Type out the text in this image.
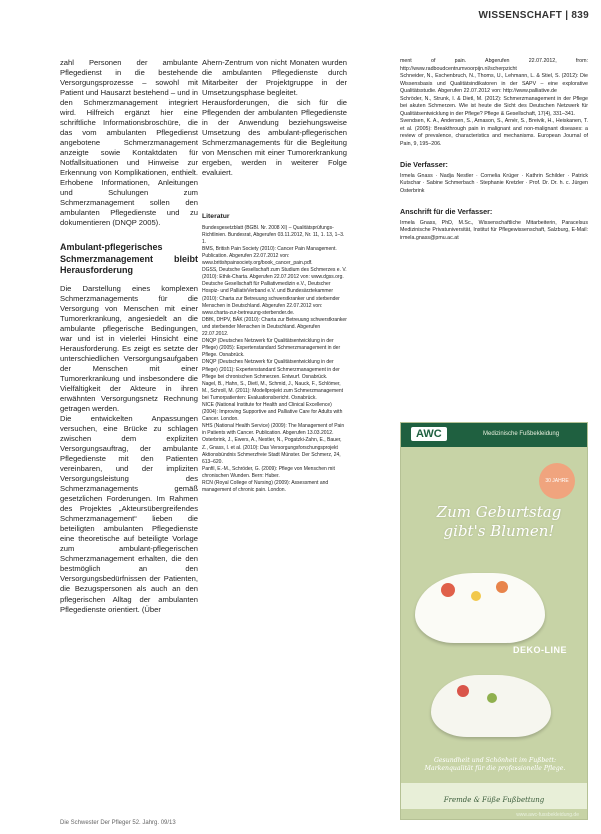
WISSENSCHAFT | 839

zahl Personen der ambulante Pflegedienst in die bestehende Versorgungsprozesse – sowohl mit Patient und Hausarzt bestehend – und in den Schmerzmanagement integriert wird. Hilfreich ergänzt hier eine schriftliche Informationsbroschüre, die das vom ambulanten Pflegedienst angebotene Schmerzmanagement anzeigte sowie Kontaktdaten für Notfallsituationen und Hinweise zur Erkennung von Komplikationen, enthielt. Erhobene Informationen, Anleitungen und Schulungen zum Schmerzmanagement sollen den ambulanten Pflegedienste und zu dokumentieren (DNQP 2005).

Ambulant-pflegerisches Schmerzmanagement bleibt Herausforderung

Die Darstellung eines komplexen Schmerzmanagements für die Versorgung von Menschen mit einer Tumorerkrankung, angesiedelt an die ambulante pflegerische Bedingungen, war und ist in vielerlei Hinsicht eine Herausforderung. Es zeigt es setzte der unterschiedlichen Versorgungsaufgaben der Menschen mit einer Tumorerkrankung und insbesondere die Vielfältigkeit der Akteure in ihren erwähnten Versorgungsnetz Rechnung getragen werden.

Die entwickelten Anpassungen versuchen, eine Brücke zu schlagen zwischen dem expliziten Versorgungsauftrag, der ambulante Pflegedienste mit den Patienten vereinbaren, und der impliziten Versorgungsleistung des Schmerzmanagements gemäß gesetzlichen Forderungen. Im Rahmen des Projektes „Akteursübergreifendes Schmerzmanagement“ lieben die beteiligten ambulanten Pflegedienste eine theoretische auf beteiligte Vorlage zum ambulant-pflegerischen Schmerzmanagement erhalten, die den bestmöglich an den Versorgungsbedürfnissen der Patienten, die Bezugspersonen als auch an den pflegerischen Alltag der ambulanten Pflegedienste orientiert. (Über

Ahern-Zentrum von nicht Monaten wurden die ambulanten Pflegedienste durch Mitarbeiter der Projektgruppe in der Umsetzungsphase begleitet.

Herausforderungen, die sich für die Pflegenden der ambulanten Pflegedienste in der Anwendung beziehungsweise Umsetzung des ambulant-pflegerischen Schmerzmanagements für die Begleitung von Menschen mit einer Tumorerkrankung ergeben, werden in weiterer Folge evaluiert.

Literatur

Bundesgesetzblatt (BGBl. Nr. 2008 XI) – Qualitätsprüfungs-Richtlinien. Bundesrat, Abgerufen 03.11.2012, Nr. 11, 1. 13, 1–3. 1.

BMS, British Pain Society (2010): Cancer Pain Management. Publication. Abgerufen 22.07.2012 von: www.britishpainsociety.org/book_cancer_pain.pdf.

DGSS, Deutsche Gesellschaft zum Studium des Schmerzes e. V. (2010): Ethik-Charta. Abgerufen 22.07.2012 von: www.dgss.org.

Deutsche Gesellschaft für Palliativmedizin e.V., Deutscher Hospiz- und PalliativVerband e.V. und Bundesärztekammer (2010): Charta zur Betreuung schwerstkranker und sterbender Menschen in Deutschland. Abgerufen 22.07.2012 von: www.charta-zur-betreuung-sterbender.de.

DBfK, DHPV, BÄK (2010): Charta zur Betreuung schwerstkranker und sterbender Menschen in Deutschland. Abgerufen 22.07.2012.

DNQP (Deutsches Netzwerk für Qualitätsentwicklung in der Pflege) (2005): Expertenstandard Schmerzmanagement in der Pflege. Osnabrück.

DNQP (Deutsches Netzwerk für Qualitätsentwicklung in der Pflege) (2011): Expertenstandard Schmerzmanagement in der Pflege bei chronischen Schmerzen. Entwurf. Osnabrück.

Nagel, B., Hahn, S., Dietl, M., Schmid, J., Nauck, F., Schlömer, M., Schroll, M. (2011): Modellprojekt zum Schmerzmanagement bei Tumorpatienten: Evaluationsbericht. Osnabrück.

NICE (National Institute for Health and Clinical Excellence) (2004): Improving Supportive and Palliative Care for Adults with Cancer. London.

NHS (National Health Service) (2009): The Management of Pain in Patients with Cancer. Publication. Abgerufen 13.03.2012.

Osterbrink, J., Ewers, A., Nestler, N., Pogatzki-Zahn, E., Bauer, Z., Gnass, I. et al. (2010): Das Versorgungsforschungsprojekt Aktionsbündnis Schmerzfreie Stadt Münster. Der Schmerz, 24, 613–620.

Panfil, E.-M., Schröder, G. (2009): Pflege von Menschen mit chronischen Wunden. Bern: Huber.

RCN (Royal College of Nursing) (2009): Assessment and management of chronic pain. London.

ment of pain. Abgerufen 22.07.2012, from: http://www.radboudcentrumvoorpijn.nl/scherpzicht

Schneider, N., Eschenbruch, N., Thoms, U., Lehmann, L. & Stiel, S. (2012): Die Wissensbasis und Qualitätsindikatoren in der SAPV – eine explorative Qualitätsstudie. Abgerufen 22.07.2012 von: http://www.palliative.de

Schröder, N., Strunk, I. & Dietl, M. (2012): Schmerzmanagement in der Pflege bei akuten Schmerzen. Wie ist heute die Sicht des Deutschen Netzwerk für Qualitätsentwicklung in der Pflege? Pflege & Gesellschaft, 17(4), 331–341.

Svendsen, K. A., Andersen, S., Arnason, S., Arnér, S., Breivik, H., Heiskanen, T. et al. (2005): Breakthrough pain in malignant and non-malignant diseases: a review of prevalence, characteristics and mechanisms. European Journal of Pain, 9, 195–206.

Die Verfasser:
Irmela Gnass · Nadja Nestler · Cornelia Krüger · Kathrin Schilder · Patrick Kutschar · Sabine Schmerbach · Stephanie Kretzler · Prof. Dr. Dr. h. c. Jürgen Osterbrink
Anschrift für die Verfasser:
Irmela Gnass, PhD, M.Sc., Wissenschaftliche Mitarbeiterin, Paracelsus Medizinische Privatuniversität, Institut für Pflegewissenschaft, Salzburg, E-Mail: irmela.gnass@pmu.ac.at
AWC	Medizinische Fußbekleidung
30 JAHRE
Zum Geburtstag gibt's Blumen!
DEKO-LINE
Gesundheit und Schönheit im Fußbett: Markenqualität für die professionelle Pflege.
Fremde & Füße Fußbettung
www.awc-fussbekleidung.de
Die Schwester Der Pfleger 52. Jahrg. 09/13
